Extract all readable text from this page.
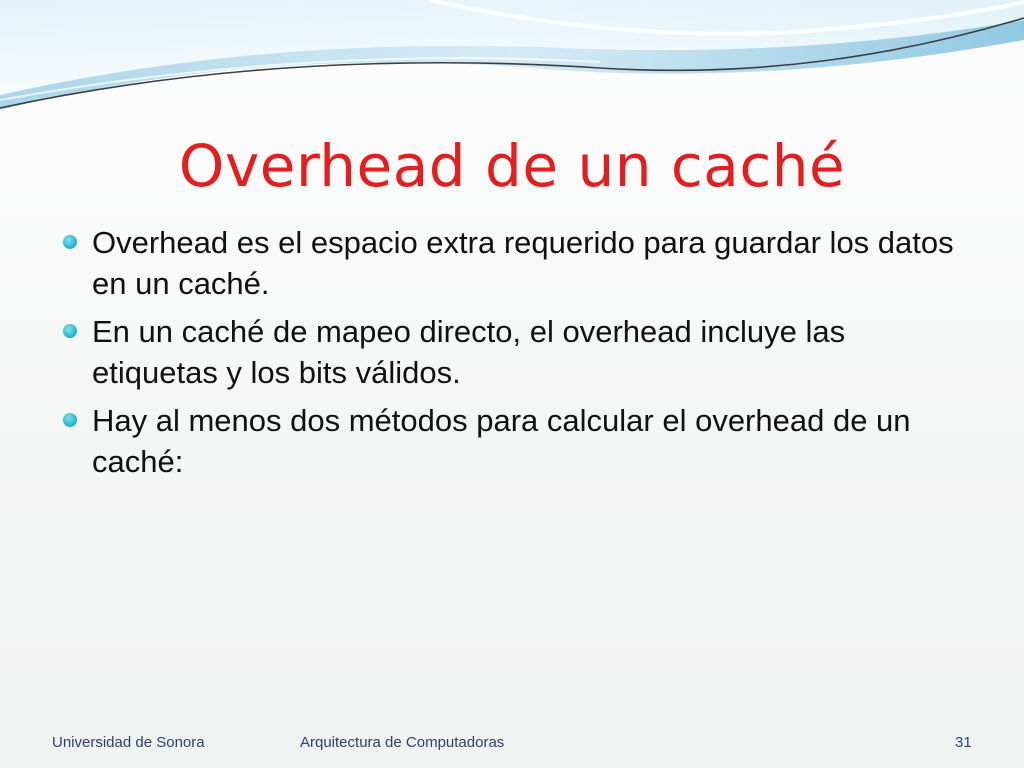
Overhead de un caché
Overhead es el espacio extra requerido para guardar los datos en un caché.
En un caché de mapeo directo, el overhead incluye las etiquetas y los bits válidos.
Hay al menos dos métodos para calcular el overhead de un caché:
Universidad de Sonora	Arquitectura de Computadoras	31
